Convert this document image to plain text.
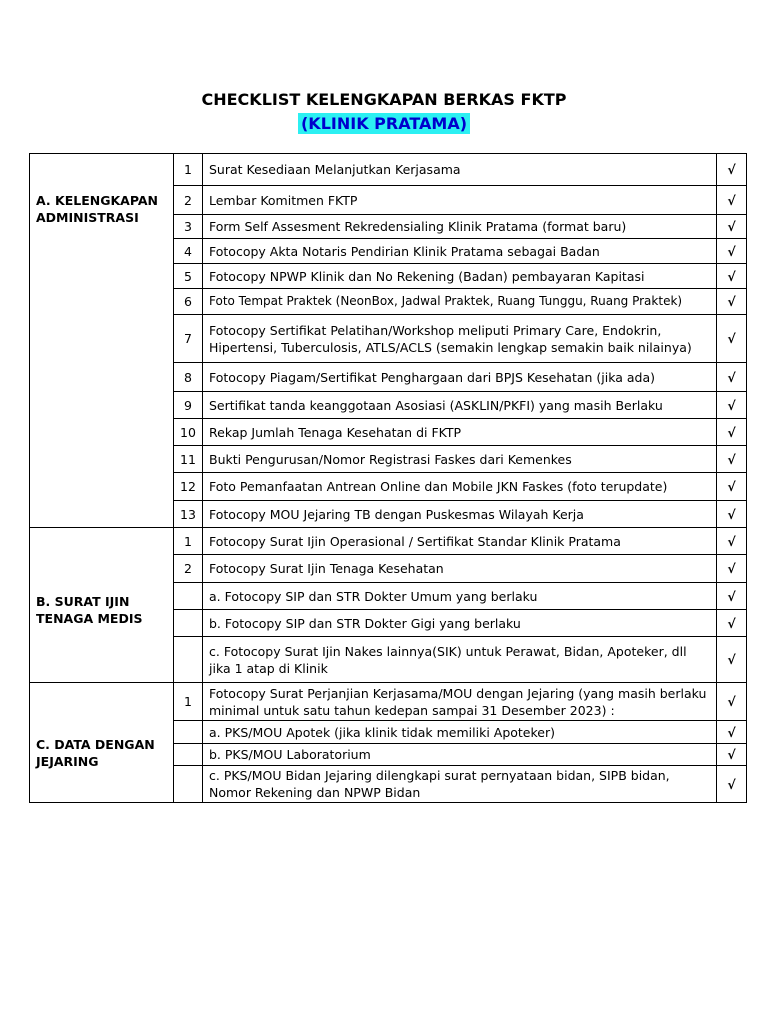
CHECKLIST KELENGKAPAN BERKAS FKTP
(KLINIK PRATAMA)
A. KELENGKAPAN ADMINISTRASI	1	Surat Kesediaan Melanjutkan Kerjasama	√
	2	Lembar Komitmen FKTP	√
	3	Form Self Assesment Rekredensialing Klinik Pratama (format baru)	√
	4	Fotocopy Akta Notaris Pendirian Klinik Pratama sebagai Badan	√
	5	Fotocopy NPWP Klinik dan No Rekening (Badan) pembayaran Kapitasi	√
	6	Foto Tempat Praktek (NeonBox, Jadwal Praktek, Ruang Tunggu, Ruang Praktek)	√
	7	Fotocopy Sertifikat Pelatihan/Workshop meliputi Primary Care, Endokrin, Hipertensi, Tuberculosis, ATLS/ACLS (semakin lengkap semakin baik nilainya)	√
	8	Fotocopy Piagam/Sertifikat Penghargaan dari BPJS Kesehatan (jika ada)	√
	9	Sertifikat tanda keanggotaan Asosiasi (ASKLIN/PKFI) yang masih Berlaku	√
	10	Rekap Jumlah Tenaga Kesehatan di FKTP	√
	11	Bukti Pengurusan/Nomor Registrasi Faskes dari Kemenkes	√
	12	Foto Pemanfaatan Antrean Online dan Mobile JKN Faskes (foto terupdate)	√
	13	Fotocopy MOU Jejaring TB dengan Puskesmas Wilayah Kerja	√
B. SURAT IJIN TENAGA MEDIS	1	Fotocopy Surat Ijin Operasional / Sertifikat Standar Klinik Pratama	√
	2	Fotocopy Surat Ijin Tenaga Kesehatan	√
		a. Fotocopy SIP dan STR Dokter Umum yang berlaku	√
		b. Fotocopy SIP dan STR Dokter Gigi yang berlaku	√
		c. Fotocopy Surat Ijin Nakes lainnya(SIK) untuk Perawat, Bidan, Apoteker, dll jika 1 atap di Klinik	√
C. DATA DENGAN JEJARING	1	Fotocopy Surat Perjanjian Kerjasama/MOU dengan Jejaring (yang masih berlaku minimal untuk satu tahun kedepan sampai 31 Desember 2023) :	√
		a. PKS/MOU Apotek (jika klinik tidak memiliki Apoteker)	√
		b. PKS/MOU Laboratorium	√
		c. PKS/MOU Bidan Jejaring dilengkapi surat pernyataan bidan, SIPB bidan, Nomor Rekening dan NPWP Bidan	√
